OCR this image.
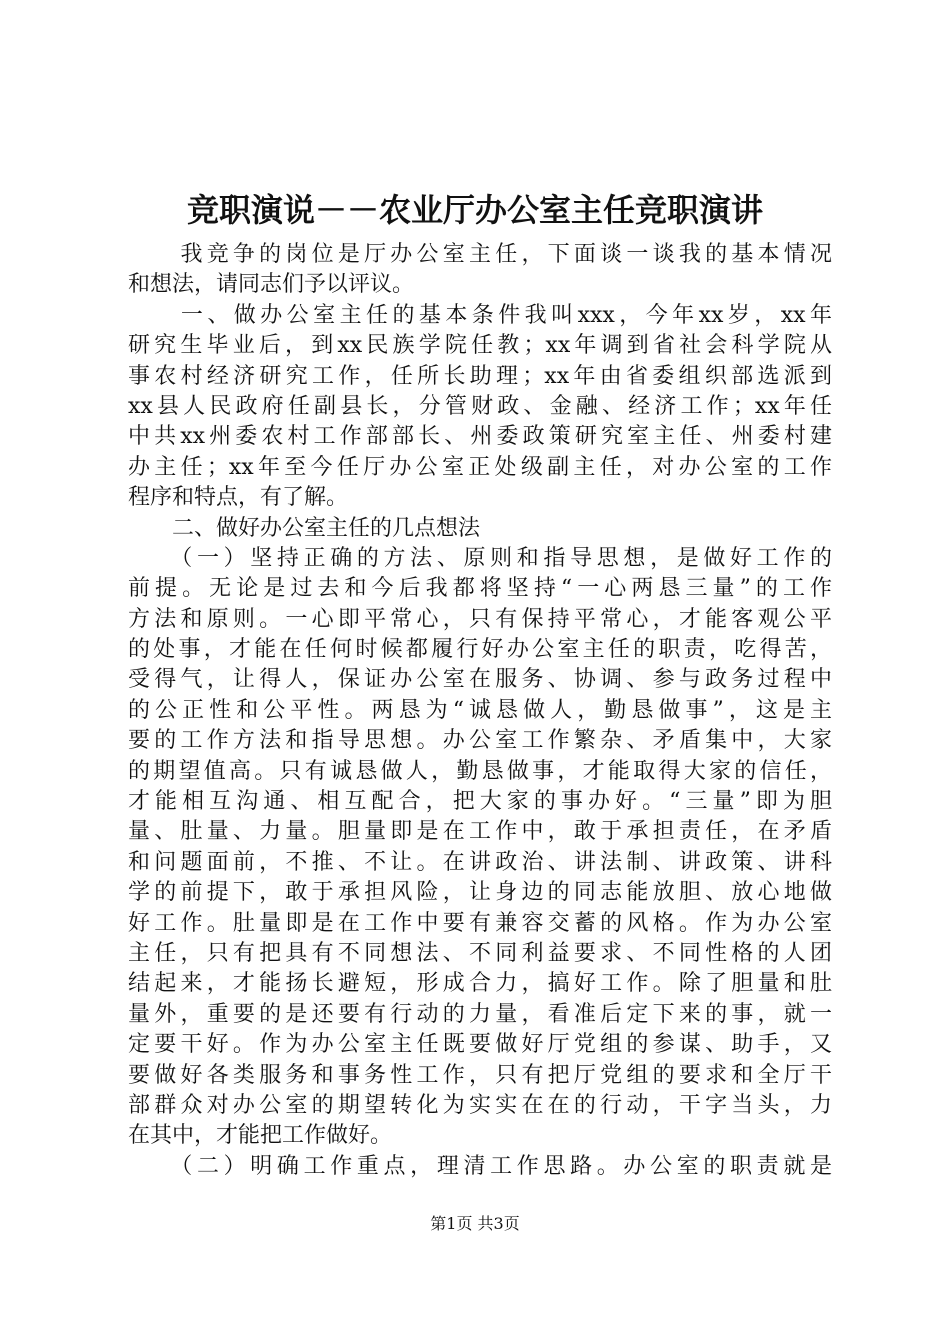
竞职演说－－农业厅办公室主任竞职演讲
　　我竞争的岗位是厅办公室主任，下面谈一谈我的基本情况
和想法，请同志们予以评议。
　　一、做办公室主任的基本条件我叫xxx，今年xx岁，xx年
研究生毕业后，到xx民族学院任教；xx年调到省社会科学院从
事农村经济研究工作，任所长助理；xx年由省委组织部选派到
xx县人民政府任副县长，分管财政、金融、经济工作；xx年任
中共xx州委农村工作部部长、州委政策研究室主任、州委村建
办主任；xx年至今任厅办公室正处级副主任，对办公室的工作
程序和特点，有了解。
　　二、做好办公室主任的几点想法
　　（一）坚持正确的方法、原则和指导思想，是做好工作的
前提。无论是过去和今后我都将坚持“一心两恳三量”的工作
方法和原则。一心即平常心，只有保持平常心，才能客观公平
的处事，才能在任何时候都履行好办公室主任的职责，吃得苦，
受得气，让得人，保证办公室在服务、协调、参与政务过程中
的公正性和公平性。两恳为“诚恳做人，勤恳做事”，这是主
要的工作方法和指导思想。办公室工作繁杂、矛盾集中，大家
的期望值高。只有诚恳做人，勤恳做事，才能取得大家的信任，
才能相互沟通、相互配合，把大家的事办好。“三量”即为胆
量、肚量、力量。胆量即是在工作中，敢于承担责任，在矛盾
和问题面前，不推、不让。在讲政治、讲法制、讲政策、讲科
学的前提下，敢于承担风险，让身边的同志能放胆、放心地做
好工作。肚量即是在工作中要有兼容交蓄的风格。作为办公室
主任，只有把具有不同想法、不同利益要求、不同性格的人团
结起来，才能扬长避短，形成合力，搞好工作。除了胆量和肚
量外，重要的是还要有行动的力量，看准后定下来的事，就一
定要干好。作为办公室主任既要做好厅党组的参谋、助手，又
要做好各类服务和事务性工作，只有把厅党组的要求和全厅干
部群众对办公室的期望转化为实实在在的行动，干字当头，力
在其中，才能把工作做好。
　　（二）明确工作重点，理清工作思路。办公室的职责就是
第1页 共3页
